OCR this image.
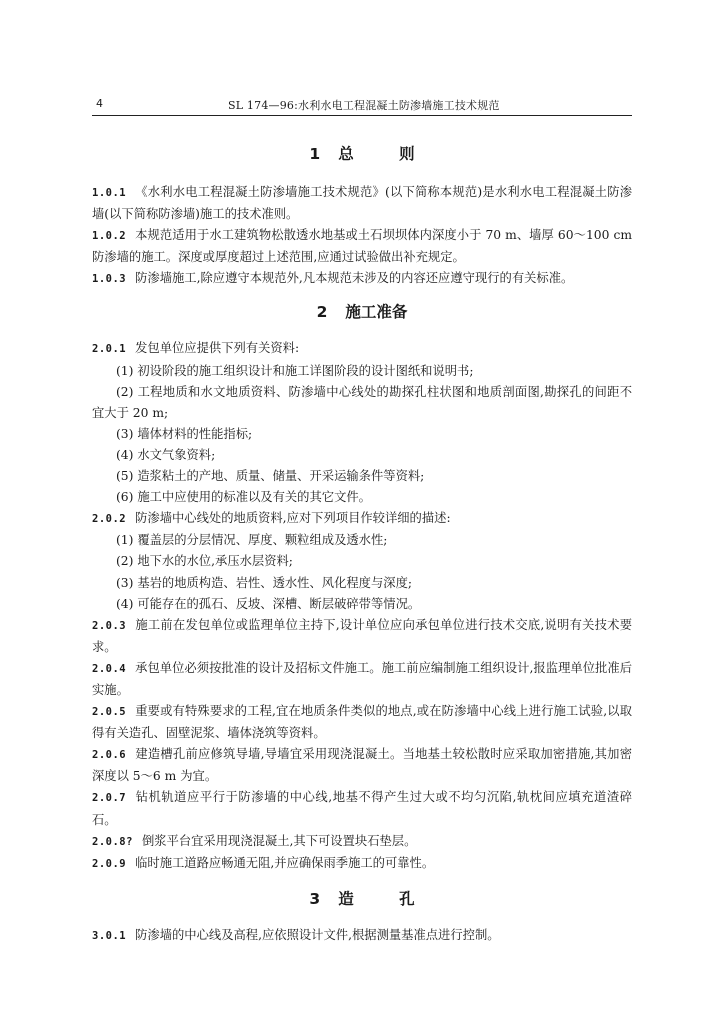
4	SL 174—96:水利水电工程混凝土防渗墙施工技术规范
1 总 则
1.0.1 《水利水电工程混凝土防渗墙施工技术规范》(以下简称本规范)是水利水电工程混凝土防渗墙(以下简称防渗墙)施工的技术准则。
1.0.2 本规范适用于水工建筑物松散透水地基或土石坝坝体内深度小于 70 m、墙厚 60～100 cm 防渗墙的施工。深度或厚度超过上述范围,应通过试验做出补充规定。
1.0.3 防渗墙施工,除应遵守本规范外,凡本规范未涉及的内容还应遵守现行的有关标准。
2 施工准备
2.0.1 发包单位应提供下列有关资料:
(1) 初设阶段的施工组织设计和施工详图阶段的设计图纸和说明书;
(2) 工程地质和水文地质资料、防渗墙中心线处的勘探孔柱状图和地质剖面图,勘探孔的间距不宜大于 20 m;
(3) 墙体材料的性能指标;
(4) 水文气象资料;
(5) 造浆粘土的产地、质量、储量、开采运输条件等资料;
(6) 施工中应使用的标准以及有关的其它文件。
2.0.2 防渗墙中心线处的地质资料,应对下列项目作较详细的描述:
(1) 覆盖层的分层情况、厚度、颗粒组成及透水性;
(2) 地下水的水位,承压水层资料;
(3) 基岩的地质构造、岩性、透水性、风化程度与深度;
(4) 可能存在的孤石、反坡、深槽、断层破碎带等情况。
2.0.3 施工前在发包单位或监理单位主持下,设计单位应向承包单位进行技术交底,说明有关技术要求。
2.0.4 承包单位必须按批准的设计及招标文件施工。施工前应编制施工组织设计,报监理单位批准后实施。
2.0.5 重要或有特殊要求的工程,宜在地质条件类似的地点,或在防渗墙中心线上进行施工试验,以取得有关造孔、固壁泥浆、墙体浇筑等资料。
2.0.6 建造槽孔前应修筑导墙,导墙宜采用现浇混凝土。当地基土较松散时应采取加密措施,其加密深度以 5～6 m 为宜。
2.0.7 钻机轨道应平行于防渗墙的中心线,地基不得产生过大或不均匀沉陷,轨枕间应填充道渣碎石。
2.0.8? 倒浆平台宜采用现浇混凝土,其下可设置块石垫层。
2.0.9 临时施工道路应畅通无阻,并应确保雨季施工的可靠性。
3 造 孔
3.0.1 防渗墙的中心线及高程,应依照设计文件,根据测量基准点进行控制。
